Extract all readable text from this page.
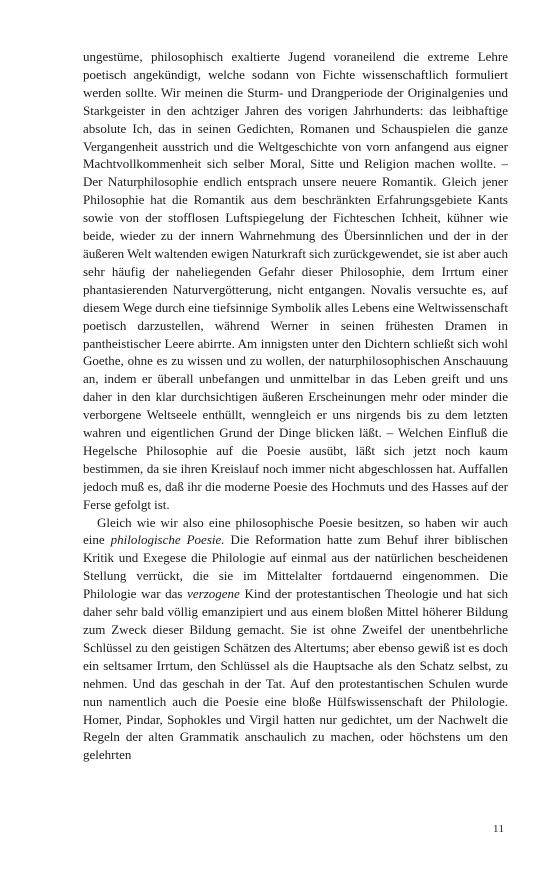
ungestüme, philosophisch exaltierte Jugend voraneilend die extreme Lehre poetisch angekündigt, welche sodann von Fichte wissenschaftlich formuliert werden sollte. Wir meinen die Sturm- und Drangperiode der Originalgenies und Starkgeister in den achtziger Jahren des vorigen Jahrhunderts: das leibhaftige absolute Ich, das in seinen Gedichten, Romanen und Schauspielen die ganze Vergangenheit ausstrich und die Weltgeschichte von vorn anfangend aus eigner Machtvollkommenheit sich selber Moral, Sitte und Religion machen wollte. – Der Naturphilosophie endlich entsprach unsere neuere Romantik. Gleich jener Philosophie hat die Romantik aus dem beschränkten Erfahrungsgebiete Kants sowie von der stofflosen Luftspiegelung der Fichteschen Ichheit, kühner wie beide, wieder zu der innern Wahrnehmung des Übersinnlichen und der in der äußeren Welt waltenden ewigen Naturkraft sich zurückgewendet, sie ist aber auch sehr häufig der naheliegenden Gefahr dieser Philosophie, dem Irrtum einer phantasierenden Naturvergötterung, nicht entgangen. Novalis versuchte es, auf diesem Wege durch eine tiefsinnige Symbolik alles Lebens eine Weltwissenschaft poetisch darzustellen, während Werner in seinen frühesten Dramen in pantheistischer Leere abirrte. Am innigsten unter den Dichtern schließt sich wohl Goethe, ohne es zu wissen und zu wollen, der naturphilosophischen Anschauung an, indem er überall unbefangen und unmittelbar in das Leben greift und uns daher in den klar durchsichtigen äußeren Erscheinungen mehr oder minder die verborgene Weltseele enthüllt, wenngleich er uns nirgends bis zu dem letzten wahren und eigentlichen Grund der Dinge blicken läßt. – Welchen Einfluß die Hegelsche Philosophie auf die Poesie ausübt, läßt sich jetzt noch kaum bestimmen, da sie ihren Kreislauf noch immer nicht abgeschlossen hat. Auffallen jedoch muß es, daß ihr die moderne Poesie des Hochmuts und des Hasses auf der Ferse gefolgt ist.

Gleich wie wir also eine philosophische Poesie besitzen, so haben wir auch eine philologische Poesie. Die Reformation hatte zum Behuf ihrer biblischen Kritik und Exegese die Philologie auf einmal aus der natürlichen bescheidenen Stellung verrückt, die sie im Mittelalter fortdauernd eingenommen. Die Philologie war das verzogene Kind der protestantischen Theologie und hat sich daher sehr bald völlig emanzipiert und aus einem bloßen Mittel höherer Bildung zum Zweck dieser Bildung gemacht. Sie ist ohne Zweifel der unentbehrliche Schlüssel zu den geistigen Schätzen des Altertums; aber ebenso gewiß ist es doch ein seltsamer Irrtum, den Schlüssel als die Hauptsache als den Schatz selbst, zu nehmen. Und das geschah in der Tat. Auf den protestantischen Schulen wurde nun namentlich auch die Poesie eine bloße Hülfswissenschaft der Philologie. Homer, Pindar, Sophokles und Virgil hatten nur gedichtet, um der Nachwelt die Regeln der alten Grammatik anschaulich zu machen, oder höchstens um den gelehrten

11
